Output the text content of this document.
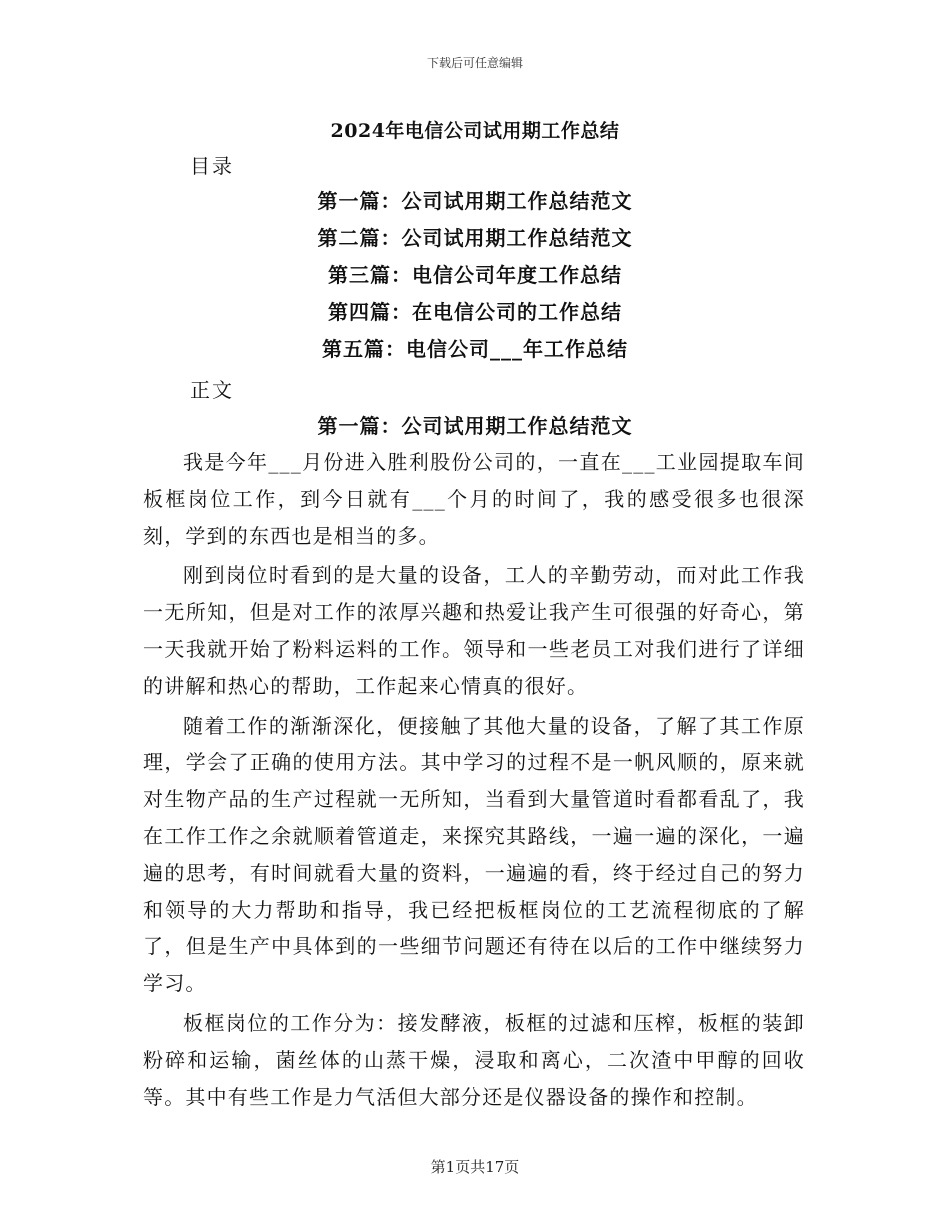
下载后可任意编辑
2024年电信公司试用期工作总结
目录
第一篇：公司试用期工作总结范文
第二篇：公司试用期工作总结范文
第三篇：电信公司年度工作总结
第四篇：在电信公司的工作总结
第五篇：电信公司___年工作总结
正文
第一篇：公司试用期工作总结范文

我是今年___月份进入胜利股份公司的，一直在___工业园提取车间板框岗位工作，到今日就有___个月的时间了，我的感受很多也很深刻，学到的东西也是相当的多。

刚到岗位时看到的是大量的设备，工人的辛勤劳动，而对此工作我一无所知，但是对工作的浓厚兴趣和热爱让我产生可很强的好奇心，第一天我就开始了粉料运料的工作。领导和一些老员工对我们进行了详细的讲解和热心的帮助，工作起来心情真的很好。

随着工作的渐渐深化，便接触了其他大量的设备，了解了其工作原理，学会了正确的使用方法。其中学习的过程不是一帆风顺的，原来就对生物产品的生产过程就一无所知，当看到大量管道时看都看乱了，我在工作工作之余就顺着管道走，来探究其路线，一遍一遍的深化，一遍遍的思考，有时间就看大量的资料，一遍遍的看，终于经过自己的努力和领导的大力帮助和指导，我已经把板框岗位的工艺流程彻底的了解了，但是生产中具体到的一些细节问题还有待在以后的工作中继续努力学习。

板框岗位的工作分为：接发酵液，板框的过滤和压榨，板框的装卸粉碎和运输，菌丝体的山蒸干燥，浸取和离心，二次渣中甲醇的回收等。其中有些工作是力气活但大部分还是仪器设备的操作和控制。

第1页共17页
